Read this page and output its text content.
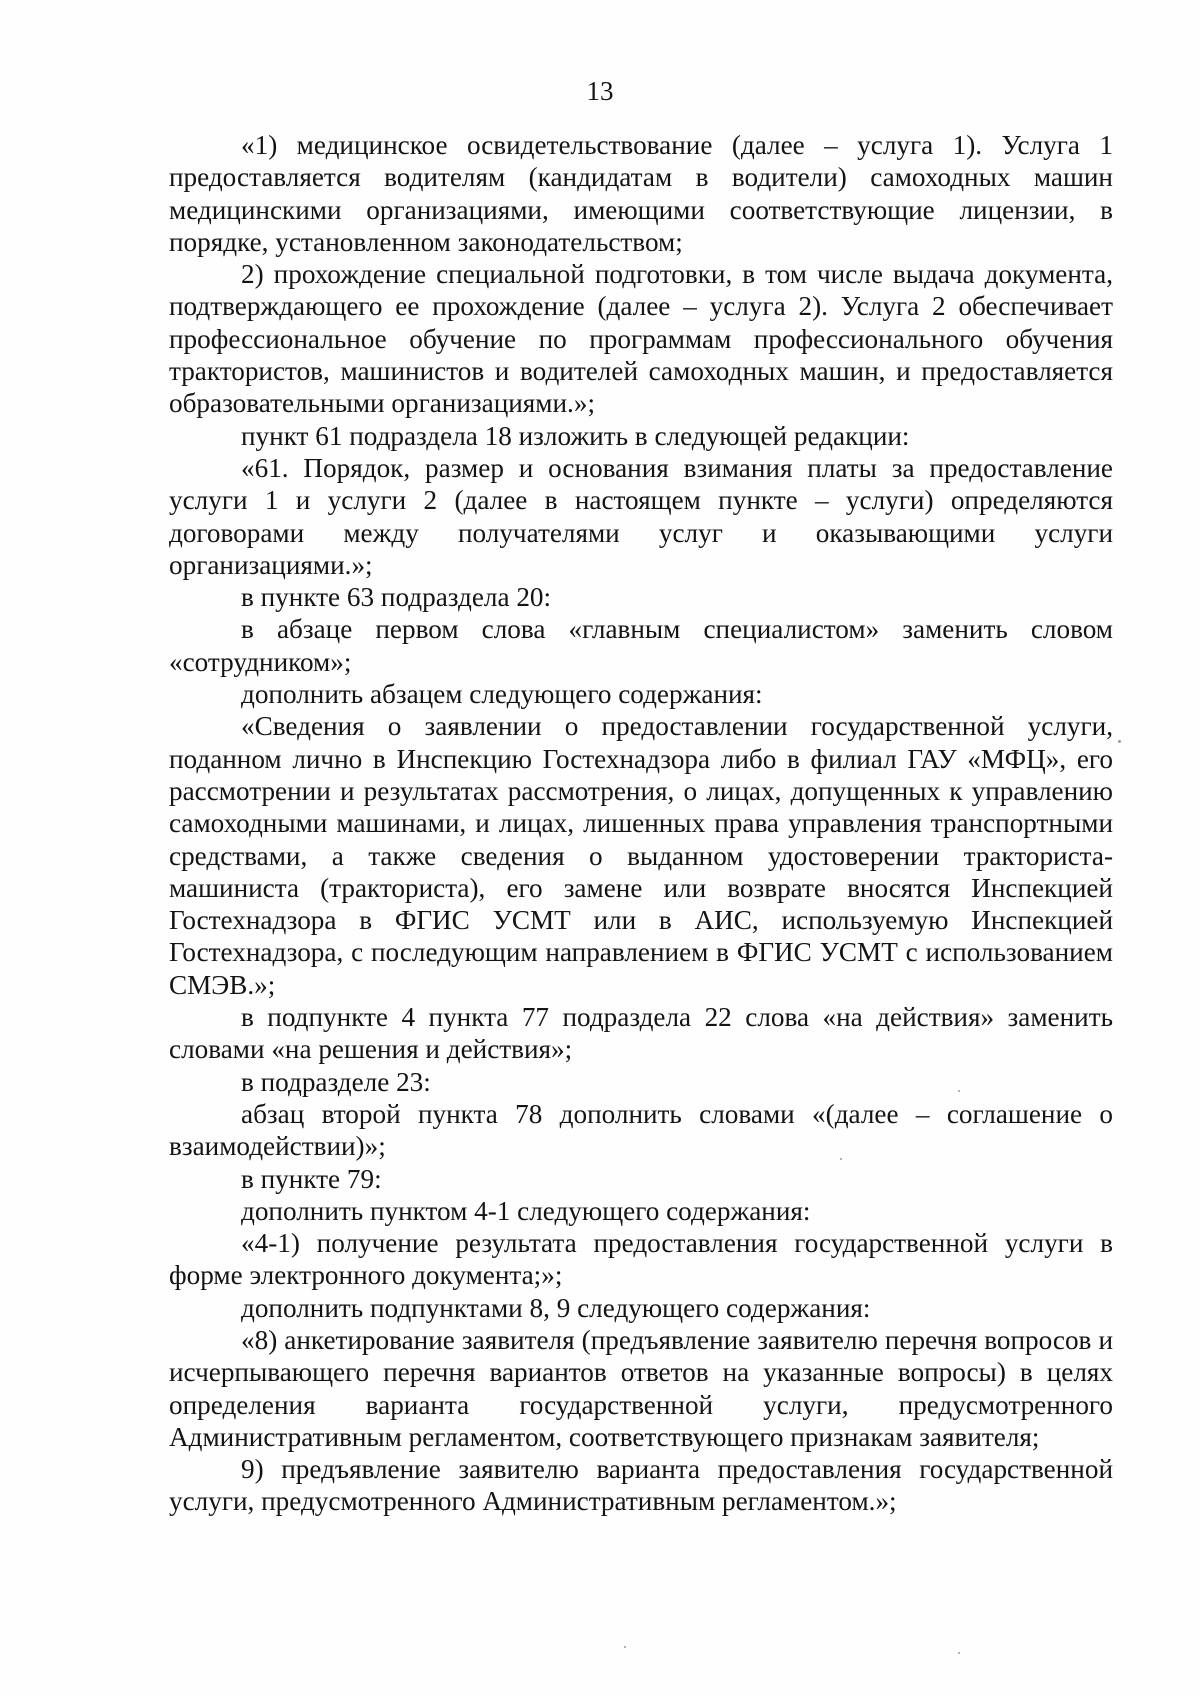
13

«1) медицинское освидетельствование (далее – услуга 1). Услуга 1 предоставляется водителям (кандидатам в водители) самоходных машин медицинскими организациями, имеющими соответствующие лицензии, в порядке, установленном законодательством;

2) прохождение специальной подготовки, в том числе выдача документа, подтверждающего ее прохождение (далее – услуга 2). Услуга 2 обеспечивает профессиональное обучение по программам профессионального обучения трактористов, машинистов и водителей самоходных машин, и предоставляется образовательными организациями.»;

пункт 61 подраздела 18 изложить в следующей редакции:

«61. Порядок, размер и основания взимания платы за предоставление услуги 1 и услуги 2 (далее в настоящем пункте – услуги) определяются договорами между получателями услуг и оказывающими услуги организациями.»;

в пункте 63 подраздела 20:

в абзаце первом слова «главным специалистом» заменить словом «сотрудником»;

дополнить абзацем следующего содержания:

«Сведения о заявлении о предоставлении государственной услуги, поданном лично в Инспекцию Гостехнадзора либо в филиал ГАУ «МФЦ», его рассмотрении и результатах рассмотрения, о лицах, допущенных к управлению самоходными машинами, и лицах, лишенных права управления транспортными средствами, а также сведения о выданном удостоверении тракториста-машиниста (тракториста), его замене или возврате вносятся Инспекцией Гостехнадзора в ФГИС УСМТ или в АИС, используемую Инспекцией Гостехнадзора, с последующим направлением в ФГИС УСМТ с использованием СМЭВ.»;

в подпункте 4 пункта 77 подраздела 22 слова «на действия» заменить словами «на решения и действия»;

в подразделе 23:

абзац второй пункта 78 дополнить словами «(далее – соглашение о взаимодействии)»;

в пункте 79:

дополнить пунктом 4-1 следующего содержания:

«4-1) получение результата предоставления государственной услуги в форме электронного документа;»;

дополнить подпунктами 8, 9 следующего содержания:

«8) анкетирование заявителя (предъявление заявителю перечня вопросов и исчерпывающего перечня вариантов ответов на указанные вопросы) в целях определения варианта государственной услуги, предусмотренного Административным регламентом, соответствующего признакам заявителя;

9) предъявление заявителю варианта предоставления государственной услуги, предусмотренного Административным регламентом.»;
